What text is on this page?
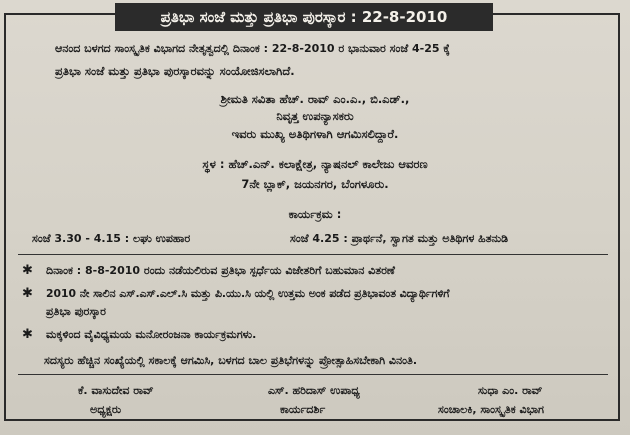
ಪ್ರತಿಭಾ ಸಂಜೆ ಮತ್ತು ಪ್ರತಿಭಾ ಪುರಸ್ಕಾರ : 22-8-2010
ಆನಂದ ಬಳಗದ ಸಾಂಸ್ಕೃತಿಕ ವಿಭಾಗದ ನೇತೃತ್ವದಲ್ಲಿ ದಿನಾಂಕ : 22-8-2010 ರ ಭಾನುವಾರ ಸಂಜೆ 4-25 ಕ್ಕೆ
ಪ್ರತಿಭಾ ಸಂಜೆ ಮತ್ತು ಪ್ರತಿಭಾ ಪುರಸ್ಕಾರವನ್ನು ಸಂಯೋಜಿಸಲಾಗಿದೆ.
ಶ್ರೀಮತಿ ಸವಿತಾ ಹೆಚ್. ರಾವ್ ಎಂ.ಎ., ಬಿ.ಎಡ್.,
ನಿವೃತ್ತ ಉಪನ್ಯಾಸಕರು
ಇವರು ಮುಖ್ಯ ಅತಿಥಿಗಳಾಗಿ ಆಗಮಿಸಲಿದ್ದಾರೆ.
ಸ್ಥಳ : ಹೆಚ್.ಎನ್. ಕಲಾಕ್ಷೇತ್ರ, ನ್ಯಾಷನಲ್ ಕಾಲೇಜು ಆವರಣ
7ನೇ ಬ್ಲಾಕ್, ಜಯನಗರ, ಬೆಂಗಳೂರು.
ಕಾರ್ಯಕ್ರಮ :
ಸಂಜೆ 3.30 - 4.15 : ಲಘು ಉಪಹಾರ	ಸಂಜೆ 4.25 : ಪ್ರಾರ್ಥನೆ, ಸ್ವಾಗತ ಮತ್ತು ಅತಿಥಿಗಳ ಹಿತನುಡಿ
✱ ದಿನಾಂಕ : 8-8-2010 ರಂದು ನಡೆಯಲಿರುವ ಪ್ರತಿಭಾ ಸ್ಪರ್ಧೆಯ ವಿಜೇತರಿಗೆ ಬಹುಮಾನ ವಿತರಣೆ
✱ 2010 ನೇ ಸಾಲಿನ ಎಸ್.ಎಸ್.ಎಲ್.ಸಿ ಮತ್ತು ಪಿ.ಯು.ಸಿ ಯಲ್ಲಿ ಉತ್ತಮ ಅಂಕ ಪಡೆದ ಪ್ರತಿಭಾವಂತ ವಿದ್ಯಾರ್ಥಿಗಳಿಗೆ
ಪ್ರತಿಭಾ ಪುರಸ್ಕಾರ
✱ ಮಕ್ಕಳಿಂದ ವೈವಿಧ್ಯಮಯ ಮನೋರಂಜನಾ ಕಾರ್ಯಕ್ರಮಗಳು.
ಸದಸ್ಯರು ಹೆಚ್ಚಿನ ಸಂಖ್ಯೆಯಲ್ಲಿ ಸಕಾಲಕ್ಕೆ ಆಗಮಿಸಿ, ಬಳಗದ ಬಾಲ ಪ್ರತಿಭೆಗಳನ್ನು ಪ್ರೋತ್ಸಾಹಿಸಬೇಕಾಗಿ ವಿನಂತಿ.
ಕೆ. ವಾಸುದೇವ ರಾವ್
ಅಧ್ಯಕ್ಷರು
ಎಸ್. ಹರಿದಾಸ್ ಉಪಾಧ್ಯ
ಕಾರ್ಯದರ್ಶಿ
ಸುಧಾ ಎಂ. ರಾವ್
ಸಂಚಾಲಕಿ, ಸಾಂಸ್ಕೃತಿಕ ವಿಭಾಗ
